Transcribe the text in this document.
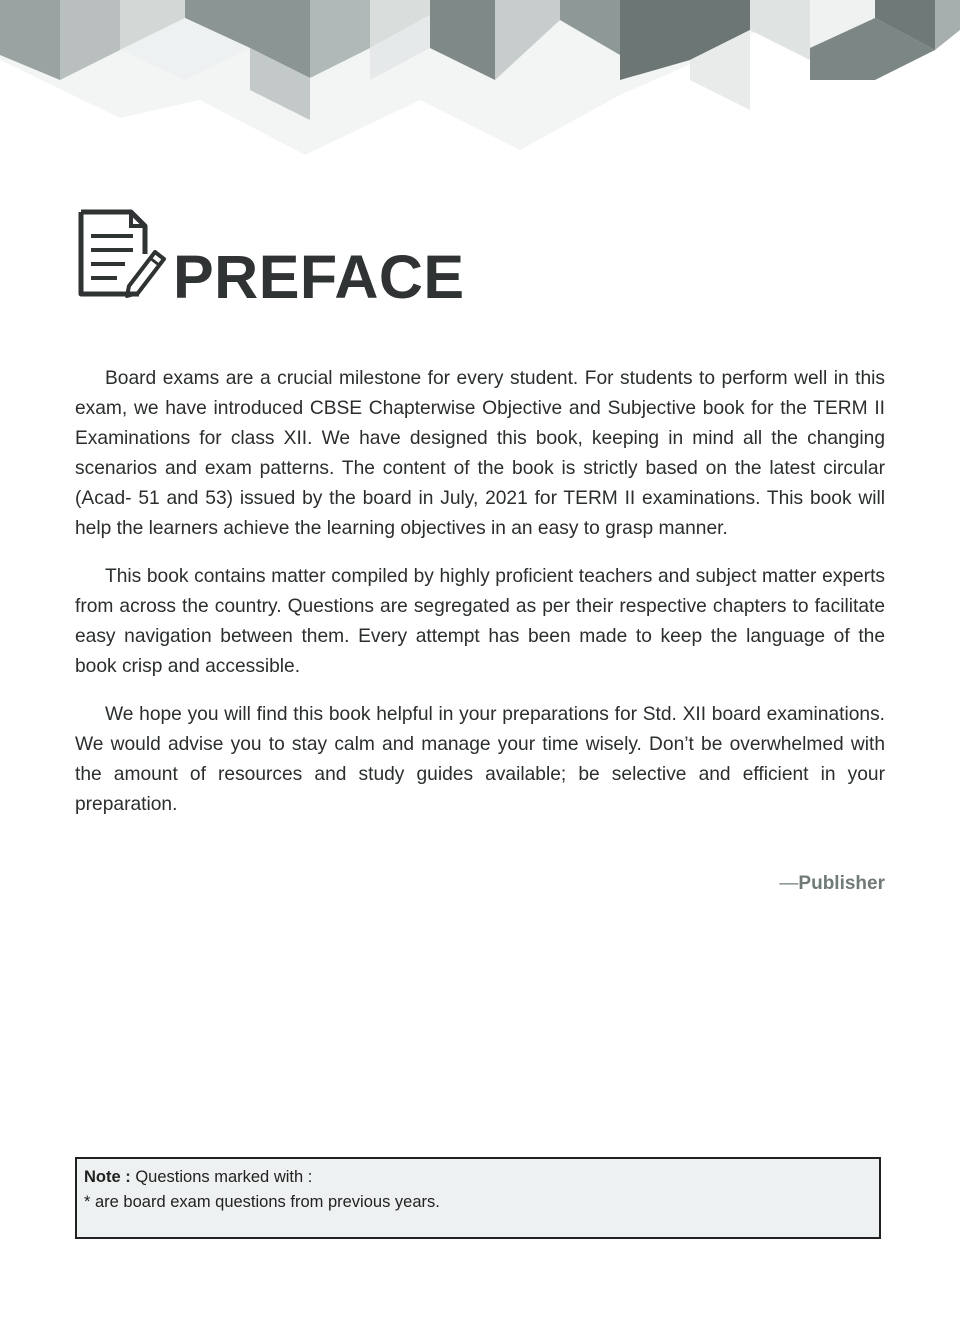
PREFACE

Board exams are a crucial milestone for every student. For students to perform well in this exam, we have introduced CBSE Chapterwise Objective and Subjective book for the TERM II Examinations for class XII. We have designed this book, keeping in mind all the changing scenarios and exam patterns. The content of the book is strictly based on the latest circular (Acad- 51 and 53) issued by the board in July, 2021 for TERM II examinations. This book will help the learners achieve the learning objectives in an easy to grasp manner.

This book contains matter compiled by highly proficient teachers and subject matter experts from across the country. Questions are segregated as per their respective chapters to facilitate easy navigation between them. Every attempt has been made to keep the language of the book crisp and accessible.

We hope you will find this book helpful in your preparations for Std. XII board examinations. We would advise you to stay calm and manage your time wisely. Don’t be overwhelmed with the amount of resources and study guides available; be selective and efficient in your preparation.

—Publisher
Note : Questions marked with :
* are board exam questions from previous years.
